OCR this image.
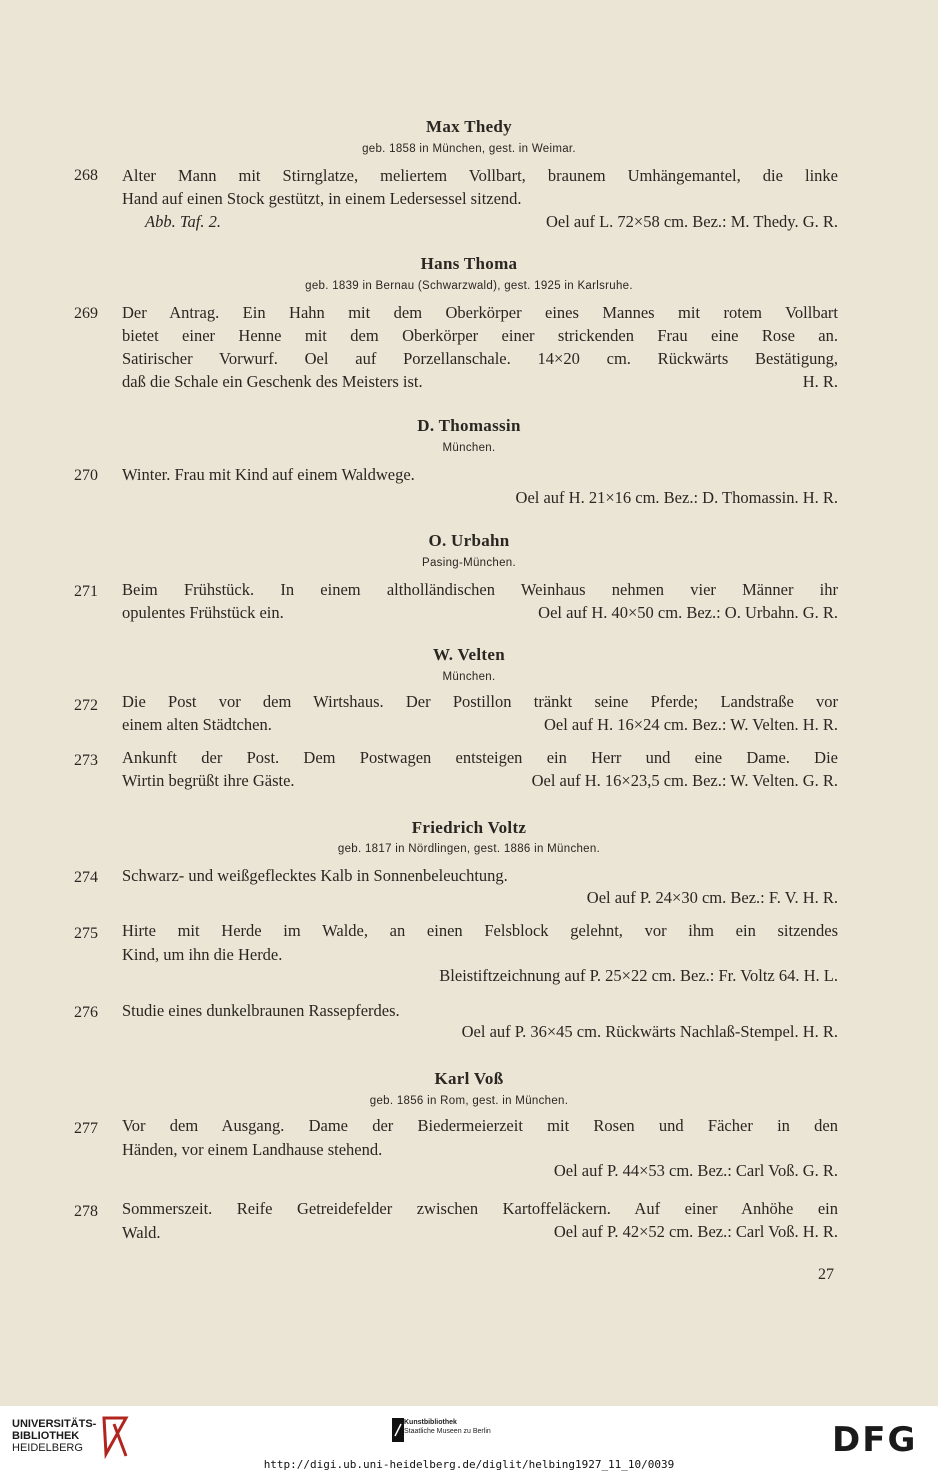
Max Thedy
geb. 1858 in München, gest. in Weimar.
268 Alter Mann mit Stirnglatze, meliertem Vollbart, braunem Umhängemantel, die linke
Hand auf einen Stock gestützt, in einem Ledersessel sitzend.
Abb. Taf. 2.	Oel auf L. 72×58 cm. Bez.: M. Thedy. G. R.
Hans Thoma
geb. 1839 in Bernau (Schwarzwald), gest. 1925 in Karlsruhe.
269 Der Antrag. Ein Hahn mit dem Oberkörper eines Mannes mit rotem Vollbart
bietet einer Henne mit dem Oberkörper einer strickenden Frau eine Rose an.
Satirischer Vorwurf. Oel auf Porzellanschale. 14×20 cm. Rückwärts Bestätigung,
daß die Schale ein Geschenk des Meisters ist.	H. R.
D. Thomassin
München.
270 Winter. Frau mit Kind auf einem Waldwege.
Oel auf H. 21×16 cm. Bez.: D. Thomassin. H. R.
O. Urbahn
Pasing-München.
271 Beim Frühstück. In einem altholländischen Weinhaus nehmen vier Männer ihr
opulentes Frühstück ein.	Oel auf H. 40×50 cm. Bez.: O. Urbahn. G. R.
W. Velten
München.
272 Die Post vor dem Wirtshaus. Der Postillon tränkt seine Pferde; Landstraße vor
einem alten Städtchen.	Oel auf H. 16×24 cm. Bez.: W. Velten. H. R.
273 Ankunft der Post. Dem Postwagen entsteigen ein Herr und eine Dame. Die
Wirtin begrüßt ihre Gäste.	Oel auf H. 16×23,5 cm. Bez.: W. Velten. G. R.
Friedrich Voltz
geb. 1817 in Nördlingen, gest. 1886 in München.
274 Schwarz- und weißgeflecktes Kalb in Sonnenbeleuchtung.
Oel auf P. 24×30 cm. Bez.: F. V. H. R.
275 Hirte mit Herde im Walde, an einen Felsblock gelehnt, vor ihm ein sitzendes
Kind, um ihn die Herde.
Bleistiftzeichnung auf P. 25×22 cm. Bez.: Fr. Voltz 64. H. L.
276 Studie eines dunkelbraunen Rassepferdes.
Oel auf P. 36×45 cm. Rückwärts Nachlaß-Stempel. H. R.
Karl Voß
geb. 1856 in Rom, gest. in München.
277 Vor dem Ausgang. Dame der Biedermeierzeit mit Rosen und Fächer in den
Händen, vor einem Landhause stehend.
Oel auf P. 44×53 cm. Bez.: Carl Voß. G. R.
278 Sommerszeit. Reife Getreidefelder zwischen Kartoffeläckern. Auf einer Anhöhe ein
Wald.	Oel auf P. 42×52 cm. Bez.: Carl Voß. H. R.
27
UNIVERSITÄTS-
BIBLIOTHEK
HEIDELBERG
Kunstbibliothek
Staatliche Museen zu Berlin	DFG
http://digi.ub.uni-heidelberg.de/diglit/helbing1927_11_10/0039
